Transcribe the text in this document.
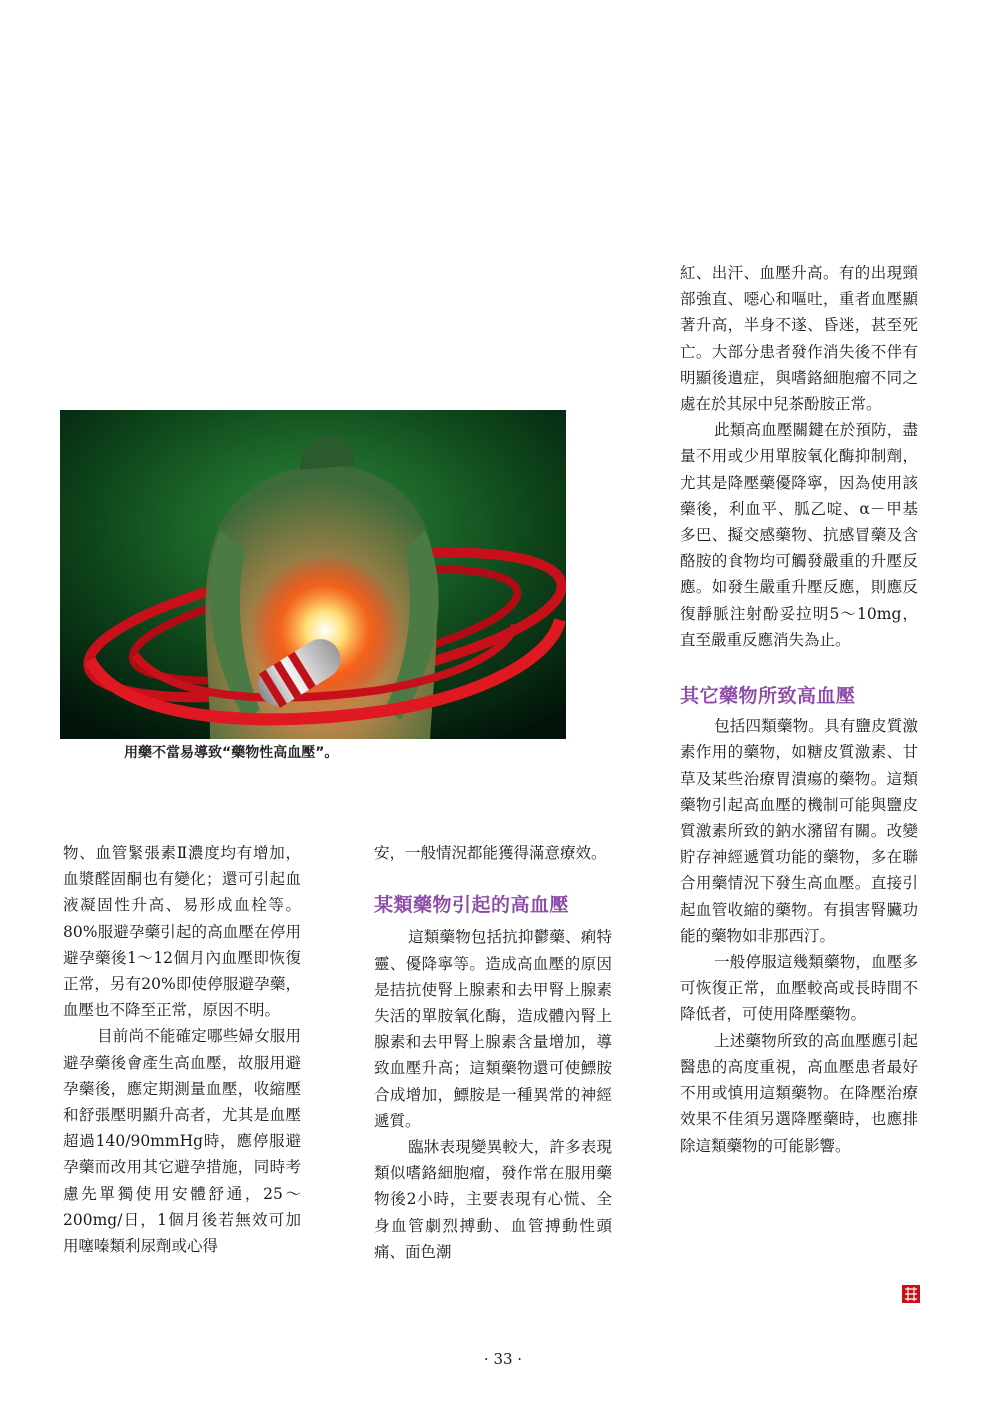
用藥不當易導致“藥物性高血壓”。

物、血管緊張素Ⅱ濃度均有增加，血漿醛固酮也有變化；還可引起血液凝固性升高、易形成血栓等。80%服避孕藥引起的高血壓在停用避孕藥後1～12個月內血壓即恢復正常，另有20%即使停服避孕藥，血壓也不降至正常，原因不明。

目前尚不能確定哪些婦女服用避孕藥後會產生高血壓，故服用避孕藥後，應定期測量血壓，收縮壓和舒張壓明顯升高者，尤其是血壓超過140/90mmHg時，應停服避孕藥而改用其它避孕措施，同時考慮先單獨使用安體舒通，25～200mg/日，1個月後若無效可加用噻嗪類利尿劑或心得

安，一般情況都能獲得滿意療效。

某類藥物引起的高血壓

這類藥物包括抗抑鬱藥、痢特靈、優降寧等。造成高血壓的原因是拮抗使腎上腺素和去甲腎上腺素失活的單胺氧化酶，造成體內腎上腺素和去甲腎上腺素含量增加，導致血壓升高；這類藥物還可使鰾胺合成增加，鰾胺是一種異常的神經遞質。

臨牀表現變異較大，許多表現類似嗜鉻細胞瘤，發作常在服用藥物後2小時，主要表現有心慌、全身血管劇烈搏動、血管搏動性頭痛、面色潮

紅、出汗、血壓升高。有的出現頸部強直、噁心和嘔吐，重者血壓顯著升高，半身不遂、昏迷，甚至死亡。大部分患者發作消失後不伴有明顯後遺症，與嗜鉻細胞瘤不同之處在於其尿中兒茶酚胺正常。

此類高血壓關鍵在於預防，盡量不用或少用單胺氧化酶抑制劑，尤其是降壓藥優降寧，因為使用該藥後，利血平、胍乙啶、α－甲基多巴、擬交感藥物、抗感冒藥及含酪胺的食物均可觸發嚴重的升壓反應。如發生嚴重升壓反應，則應反復靜脈注射酚妥拉明5～10mg，直至嚴重反應消失為止。

其它藥物所致高血壓

包括四類藥物。具有鹽皮質激素作用的藥物，如糖皮質激素、甘草及某些治療胃潰瘍的藥物。這類藥物引起高血壓的機制可能與鹽皮質激素所致的鈉水瀦留有關。改變貯存神經遞質功能的藥物，多在聯合用藥情況下發生高血壓。直接引起血管收縮的藥物。有損害腎臟功能的藥物如非那西汀。

一般停服這幾類藥物，血壓多可恢復正常，血壓較高或長時間不降低者，可使用降壓藥物。

上述藥物所致的高血壓應引起醫患的高度重視，高血壓患者最好不用或慎用這類藥物。在降壓治療效果不佳須另選降壓藥時，也應排除這類藥物的可能影響。

· 33 ·
